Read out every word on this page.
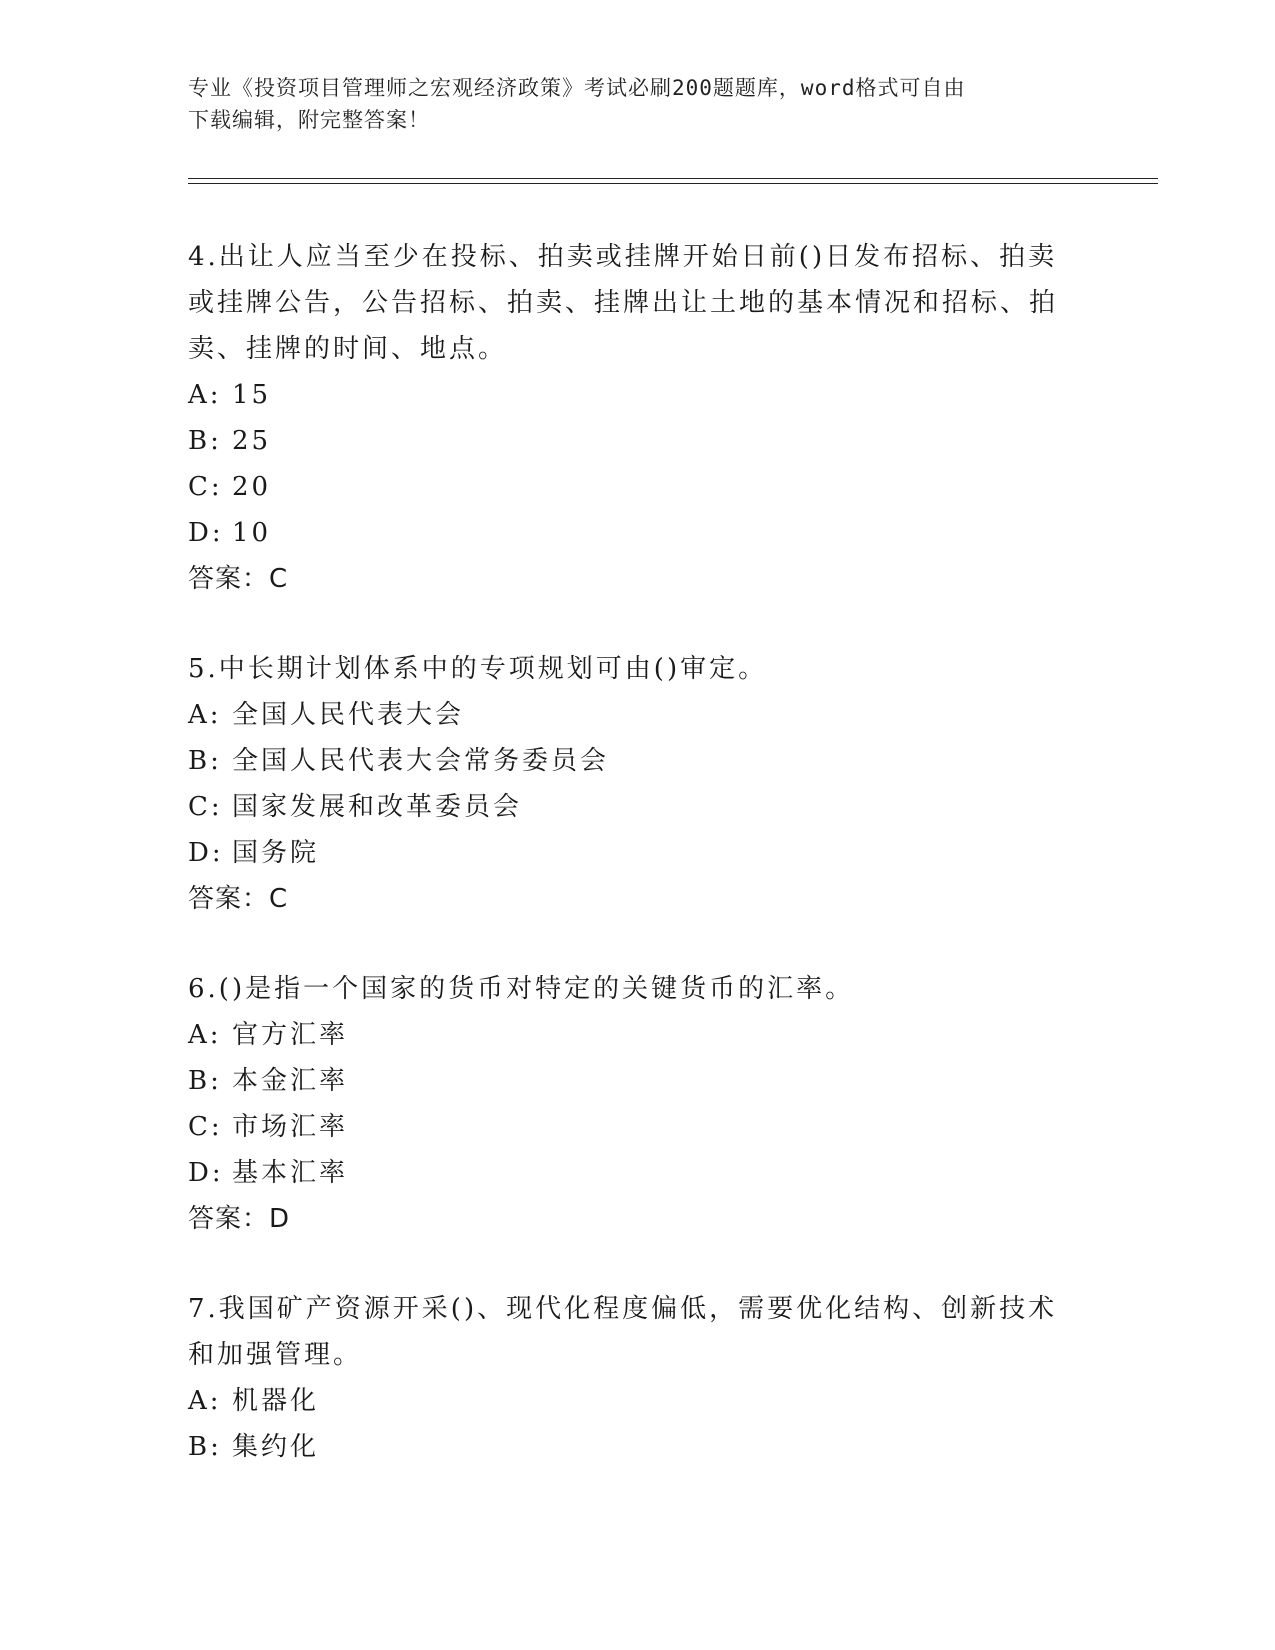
专业《投资项目管理师之宏观经济政策》考试必刷200题题库，word格式可自由
下载编辑，附完整答案！

4.出让人应当至少在投标、拍卖或挂牌开始日前()日发布招标、拍卖

或挂牌公告，公告招标、拍卖、挂牌出让土地的基本情况和招标、拍

卖、挂牌的时间、地点。

A: 15
B: 25
C: 20
D: 10

答案：C

5.中长期计划体系中的专项规划可由()审定。

A: 全国人民代表大会
B: 全国人民代表大会常务委员会
C: 国家发展和改革委员会
D: 国务院

答案：C

6.()是指一个国家的货币对特定的关键货币的汇率。

A: 官方汇率
B: 本金汇率
C: 市场汇率
D: 基本汇率

答案：D

7.我国矿产资源开采()、现代化程度偏低，需要优化结构、创新技术

和加强管理。

A: 机器化
B: 集约化
